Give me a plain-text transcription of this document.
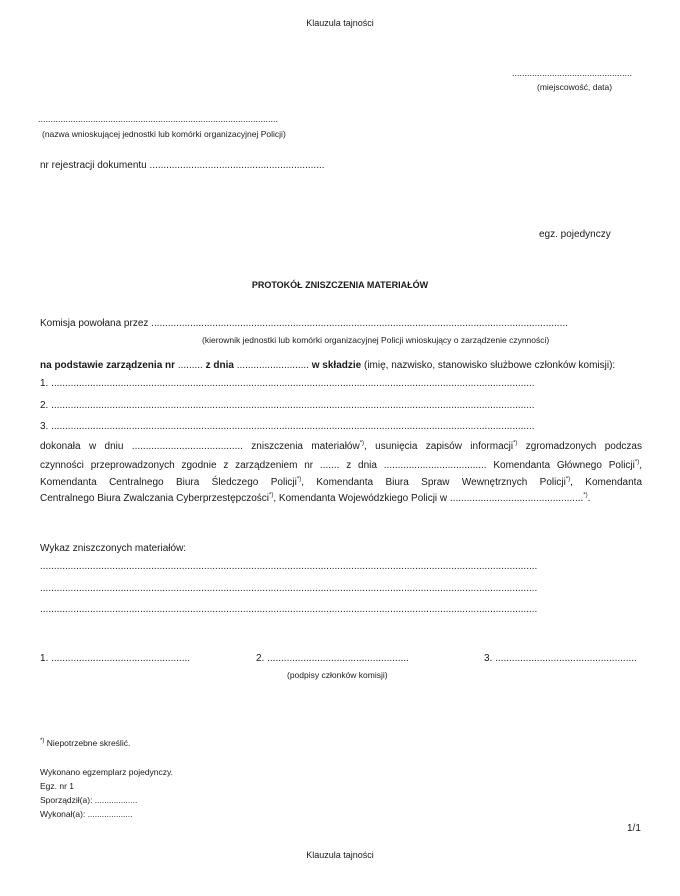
Klauzula tajności
................................................
(miejscowość, data)
................................................................................................
(nazwa wnioskującej jednostki lub komórki organizacyjnej Policji)
nr rejestracji dokumentu ...............................................................
egz. pojedynczy
PROTOKÓŁ ZNISZCZENIA MATERIAŁÓW
Komisja powołana przez ......................................................................................................................................................
(kierownik jednostki lub komórki organizacyjnej Policji wnioskujący o zarządzenie czynności)
na podstawie zarządzenia nr ......... z dnia .......................... w składzie (imię, nazwisko, stanowisko służbowe członków komisji):
1. ..............................................................................................................................................................................
2. ..............................................................................................................................................................................
3. ..............................................................................................................................................................................
dokonała w dniu ........................................ zniszczenia materiałów*), usunięcia zapisów informacji*) zgromadzonych podczas
czynności przeprowadzonych zgodnie z zarządzeniem nr ....... z dnia ..................................... Komendanta Głównego Policji*),
Komendanta Centralnego Biura Śledczego Policji*), Komendanta Biura Spraw Wewnętrznych Policji*), Komendanta
Centralnego Biura Zwalczania Cyberprzestępczości*), Komendanta Wojewódzkiego Policji w ................................................*).
Wykaz zniszczonych materiałów:
...................................................................................................................................................................................
...................................................................................................................................................................................
...................................................................................................................................................................................
1. ..................................................	2. ...................................................	3. ...................................................
(podpisy członków komisji)
*) Niepotrzebne skreślić.
Wykonano egzemplarz pojedynczy.
Egz. nr 1
Sporządził(a): ..................
Wykonał(a): ...................
1/1
Klauzula tajności
